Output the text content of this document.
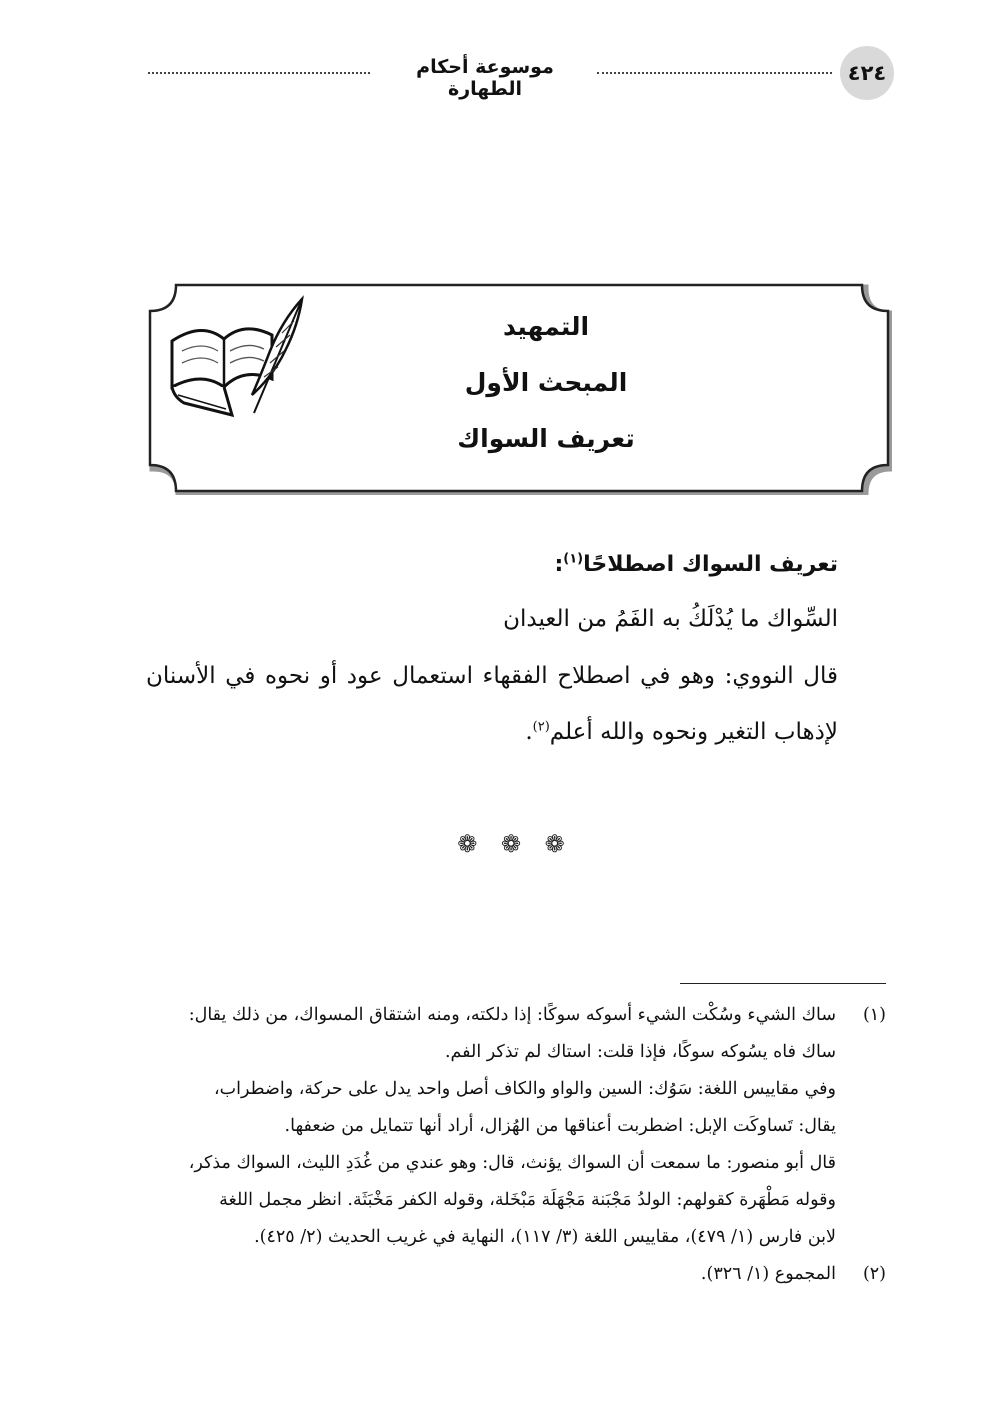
موسوعة أحكام الطهارة
٤٢٤
التمهيد
المبحث الأول
تعريف السواك

تعريف السواك اصطلاحًا$^{(١)}$:

السِّواك ما يُدْلَكُ به الفَمُ من العيدان

قال النووي: وهو في اصطلاح الفقهاء استعمال عود أو نحوه في الأسنان لإذهاب التغير ونحوه والله أعلم$^{(٢)}$.

❁ ❁ ❁
(١)
ساك الشيء وسُكْت الشيء أسوكه سوكًا: إذا دلكته، ومنه اشتقاق المسواك، من ذلك يقال:
ساك فاه يسُوكه سوكًا، فإذا قلت: استاك لم تذكر الفم.
وفي مقاييس اللغة: سَوُك: السين والواو والكاف أصل واحد يدل على حركة، واضطراب،
يقال: تَساوكَت الإبل: اضطربت أعناقها من الهُزال، أراد أنها تتمايل من ضعفها.
قال أبو منصور: ما سمعت أن السواك يؤنث، قال: وهو عندي من غُدَدِ الليث، السواك مذكر،
وقوله مَطْهَرة كقولهم: الولدُ مَجْبَنة مَجْهَلَة مَبْخَلة، وقوله الكفر مَخْبَثَة. انظر مجمل اللغة
لابن فارس (١/ ٤٧٩)، مقاييس اللغة (٣/ ١١٧)، النهاية في غريب الحديث (٢/ ٤٢٥).
(٢)
المجموع (١/ ٣٢٦).
